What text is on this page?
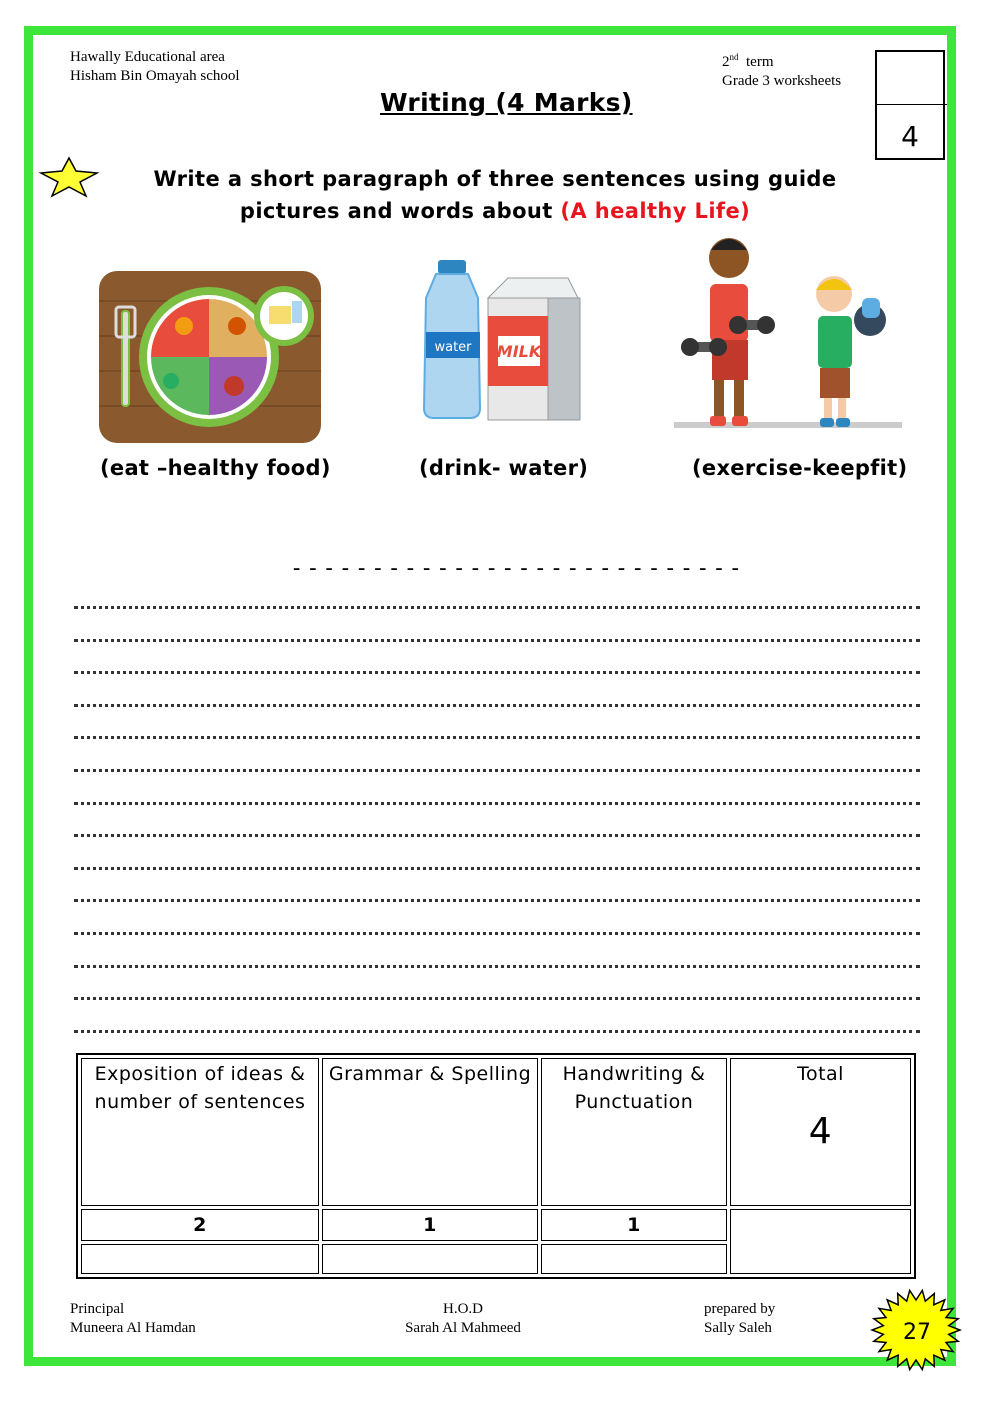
Hawally Educational area
Hisham Bin Omayah school
2nd term
Grade 3 worksheets
4
Writing (4 Marks)
Write a short paragraph of three sentences using guide pictures and words about (A healthy Life)
water MILK
(eat –healthy food)	(drink- water)	(exercise-keepfit)
----------------------------
Exposition of ideas & number of sentences	Grammar & Spelling	Handwriting & Punctuation	Total
4

2	1	1	

Principal
Muneera Al Hamdan
H.O.D
Sarah Al Mahmeed
prepared by
Sally Saleh	27
